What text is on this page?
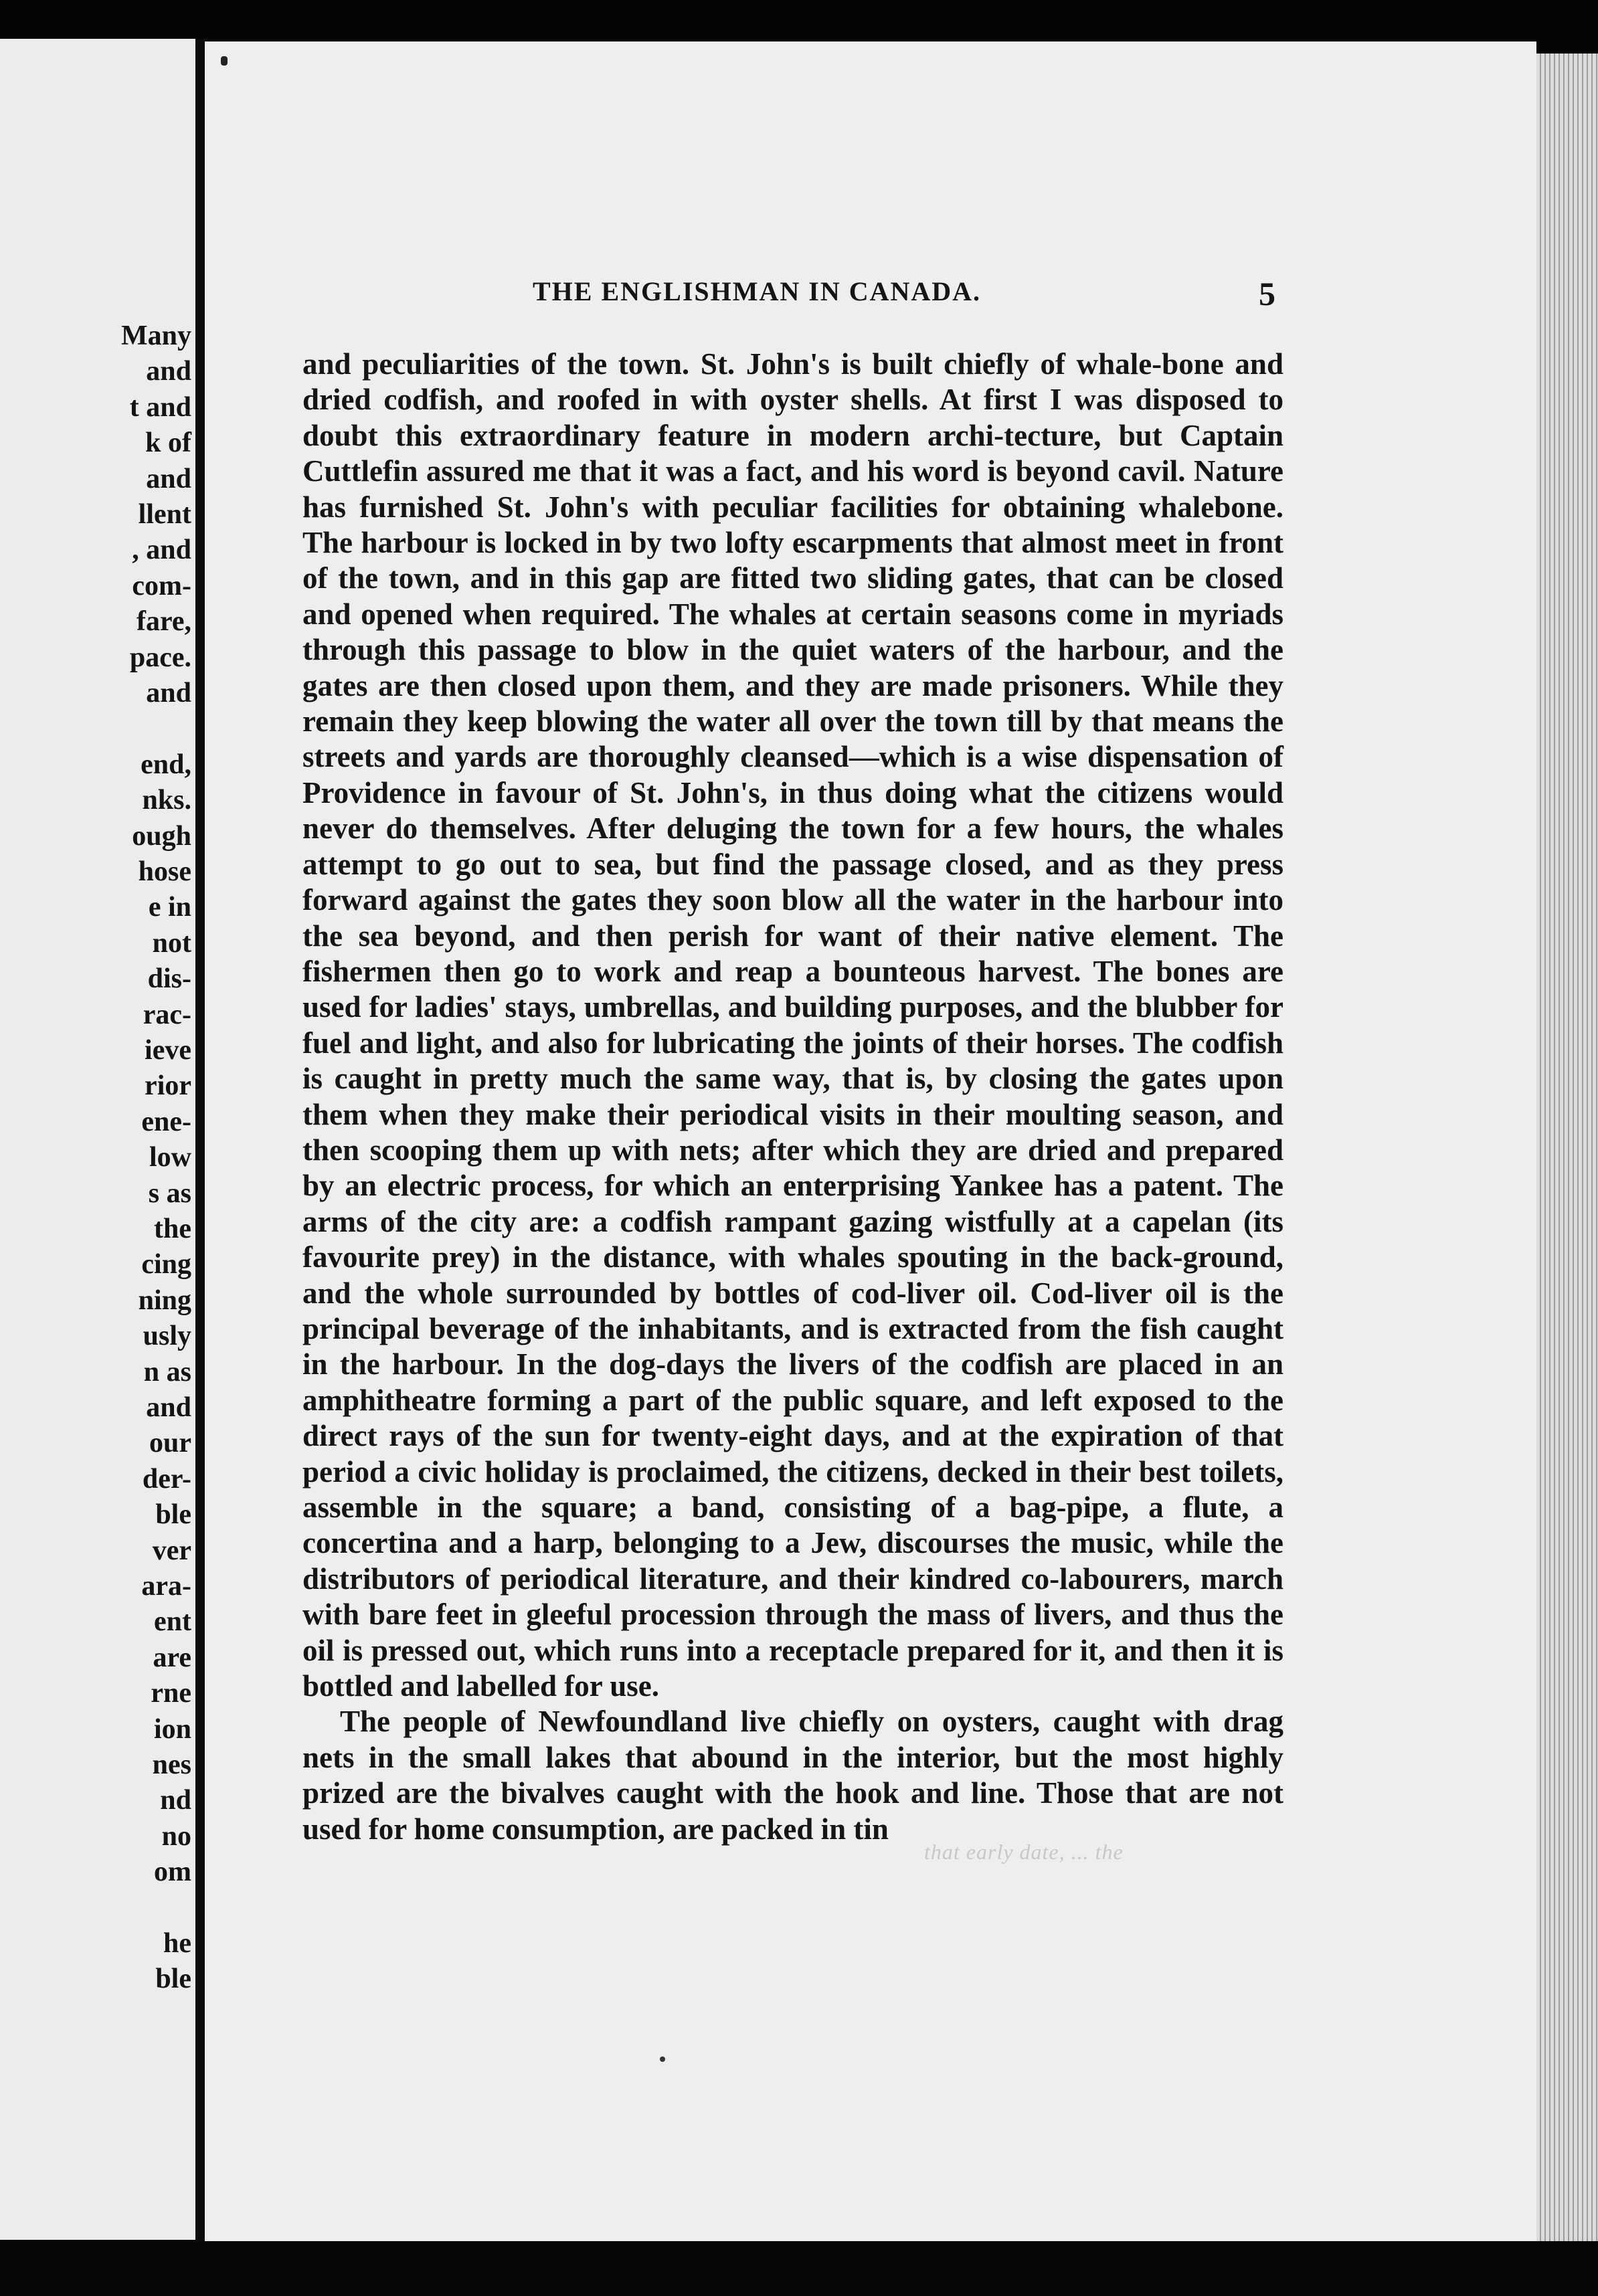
Many
and
t and
k of
and
llent
, and
com-
fare,
pace.
and
end,
nks.
ough
hose
e in
not
dis-
rac-
ieve
rior
ene-
low
s as
the
cing
ning
usly
n as
and
our
der-
ble
ver
ara-
ent
are
rne
ion
nes
nd
no
om
he
ble
THE ENGLISHMAN IN CANADA.	5

and peculiarities of the town. St. John's is built chiefly of whale-bone and dried codfish, and roofed in with oyster shells. At first I was disposed to doubt this extraordinary feature in modern archi-tecture, but Captain Cuttlefin assured me that it was a fact, and his word is beyond cavil. Nature has furnished St. John's with peculiar facilities for obtaining whalebone. The harbour is locked in by two lofty escarpments that almost meet in front of the town, and in this gap are fitted two sliding gates, that can be closed and opened when required. The whales at certain seasons come in myriads through this passage to blow in the quiet waters of the harbour, and the gates are then closed upon them, and they are made prisoners. While they remain they keep blowing the water all over the town till by that means the streets and yards are thoroughly cleansed—which is a wise dispensation of Providence in favour of St. John's, in thus doing what the citizens would never do themselves. After deluging the town for a few hours, the whales attempt to go out to sea, but find the passage closed, and as they press forward against the gates they soon blow all the water in the harbour into the sea beyond, and then perish for want of their native element. The fishermen then go to work and reap a bounteous harvest. The bones are used for ladies' stays, umbrellas, and building purposes, and the blubber for fuel and light, and also for lubricating the joints of their horses. The codfish is caught in pretty much the same way, that is, by closing the gates upon them when they make their periodical visits in their moulting season, and then scooping them up with nets; after which they are dried and prepared by an electric process, for which an enterprising Yankee has a patent. The arms of the city are: a codfish rampant gazing wistfully at a capelan (its favourite prey) in the distance, with whales spouting in the back-ground, and the whole surrounded by bottles of cod-liver oil. Cod-liver oil is the principal beverage of the inhabitants, and is extracted from the fish caught in the harbour. In the dog-days the livers of the codfish are placed in an amphitheatre forming a part of the public square, and left exposed to the direct rays of the sun for twenty-eight days, and at the expiration of that period a civic holiday is proclaimed, the citizens, decked in their best toilets, assemble in the square; a band, consisting of a bag-pipe, a flute, a concertina and a harp, belonging to a Jew, discourses the music, while the distributors of periodical literature, and their kindred co-labourers, march with bare feet in gleeful procession through the mass of livers, and thus the oil is pressed out, which runs into a receptacle prepared for it, and then it is bottled and labelled for use.

The people of Newfoundland live chiefly on oysters, caught with drag nets in the small lakes that abound in the interior, but the most highly prized are the bivalves caught with the hook and line. Those that are not used for home consumption, are packed in tin

that early date, ... the
